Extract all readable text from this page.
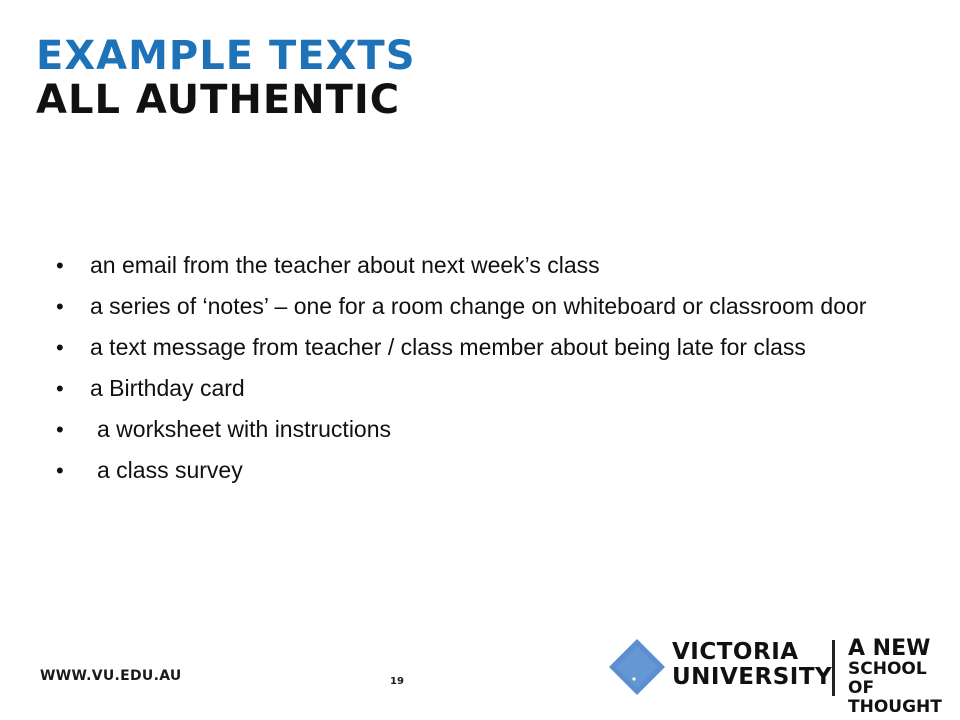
EXAMPLE TEXTS
ALL AUTHENTIC
• an email from the teacher about next week’s class
• a series of ‘notes’ – one for a room change on whiteboard or classroom door
• a text message from teacher / class member about being late for class
• a Birthday card
• a worksheet with instructions
• a class survey
WWW.VU.EDU.AU	19
VICTORIA
UNIVERSITY
A NEW
SCHOOL OF
THOUGHT
